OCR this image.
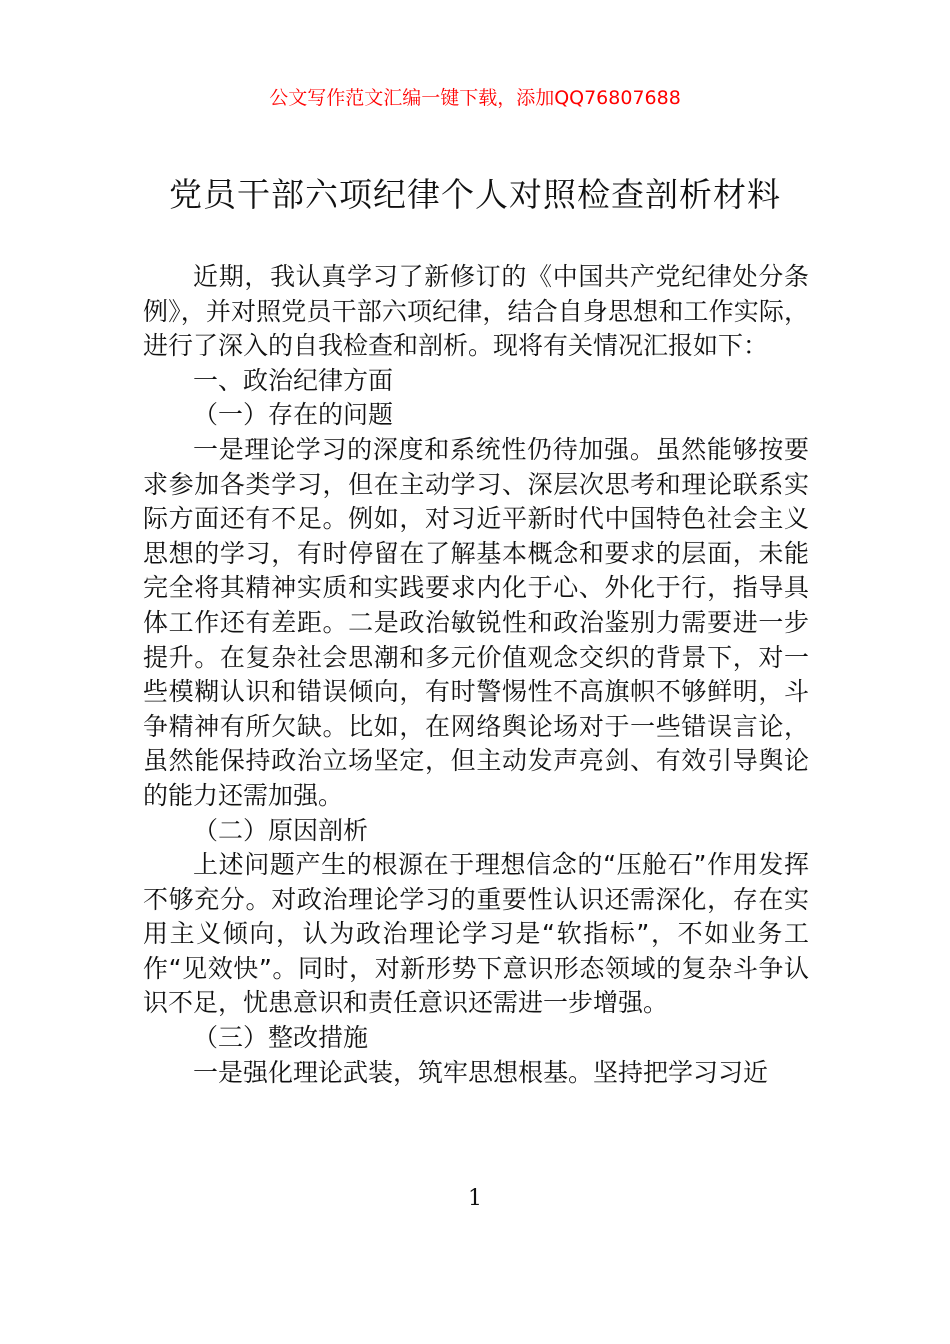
公文写作范文汇编一键下载，添加QQ76807688
党员干部六项纪律个人对照检查剖析材料

近期，我认真学习了新修订的《中国共产党纪律处分条例》，并对照党员干部六项纪律，结合自身思想和工作实际，进行了深入的自我检查和剖析。现将有关情况汇报如下：

一、政治纪律方面

（一）存在的问题

一是理论学习的深度和系统性仍待加强。虽然能够按要求参加各类学习，但在主动学习、深层次思考和理论联系实际方面还有不足。例如，对习近平新时代中国特色社会主义思想的学习，有时停留在了解基本概念和要求的层面，未能完全将其精神实质和实践要求内化于心、外化于行，指导具体工作还有差距。二是政治敏锐性和政治鉴别力需要进一步提升。在复杂社会思潮和多元价值观念交织的背景下，对一些模糊认识和错误倾向，有时警惕性不高旗帜不够鲜明，斗争精神有所欠缺。比如，在网络舆论场对于一些错误言论，虽然能保持政治立场坚定，但主动发声亮剑、有效引导舆论的能力还需加强。

（二）原因剖析

上述问题产生的根源在于理想信念的“压舱石”作用发挥不够充分。对政治理论学习的重要性认识还需深化，存在实用主义倾向，认为政治理论学习是“软指标”，不如业务工作“见效快”。同时，对新形势下意识形态领域的复杂斗争认识不足，忧患意识和责任意识还需进一步增强。

（三）整改措施

一是强化理论武装，筑牢思想根基。坚持把学习习近

1
